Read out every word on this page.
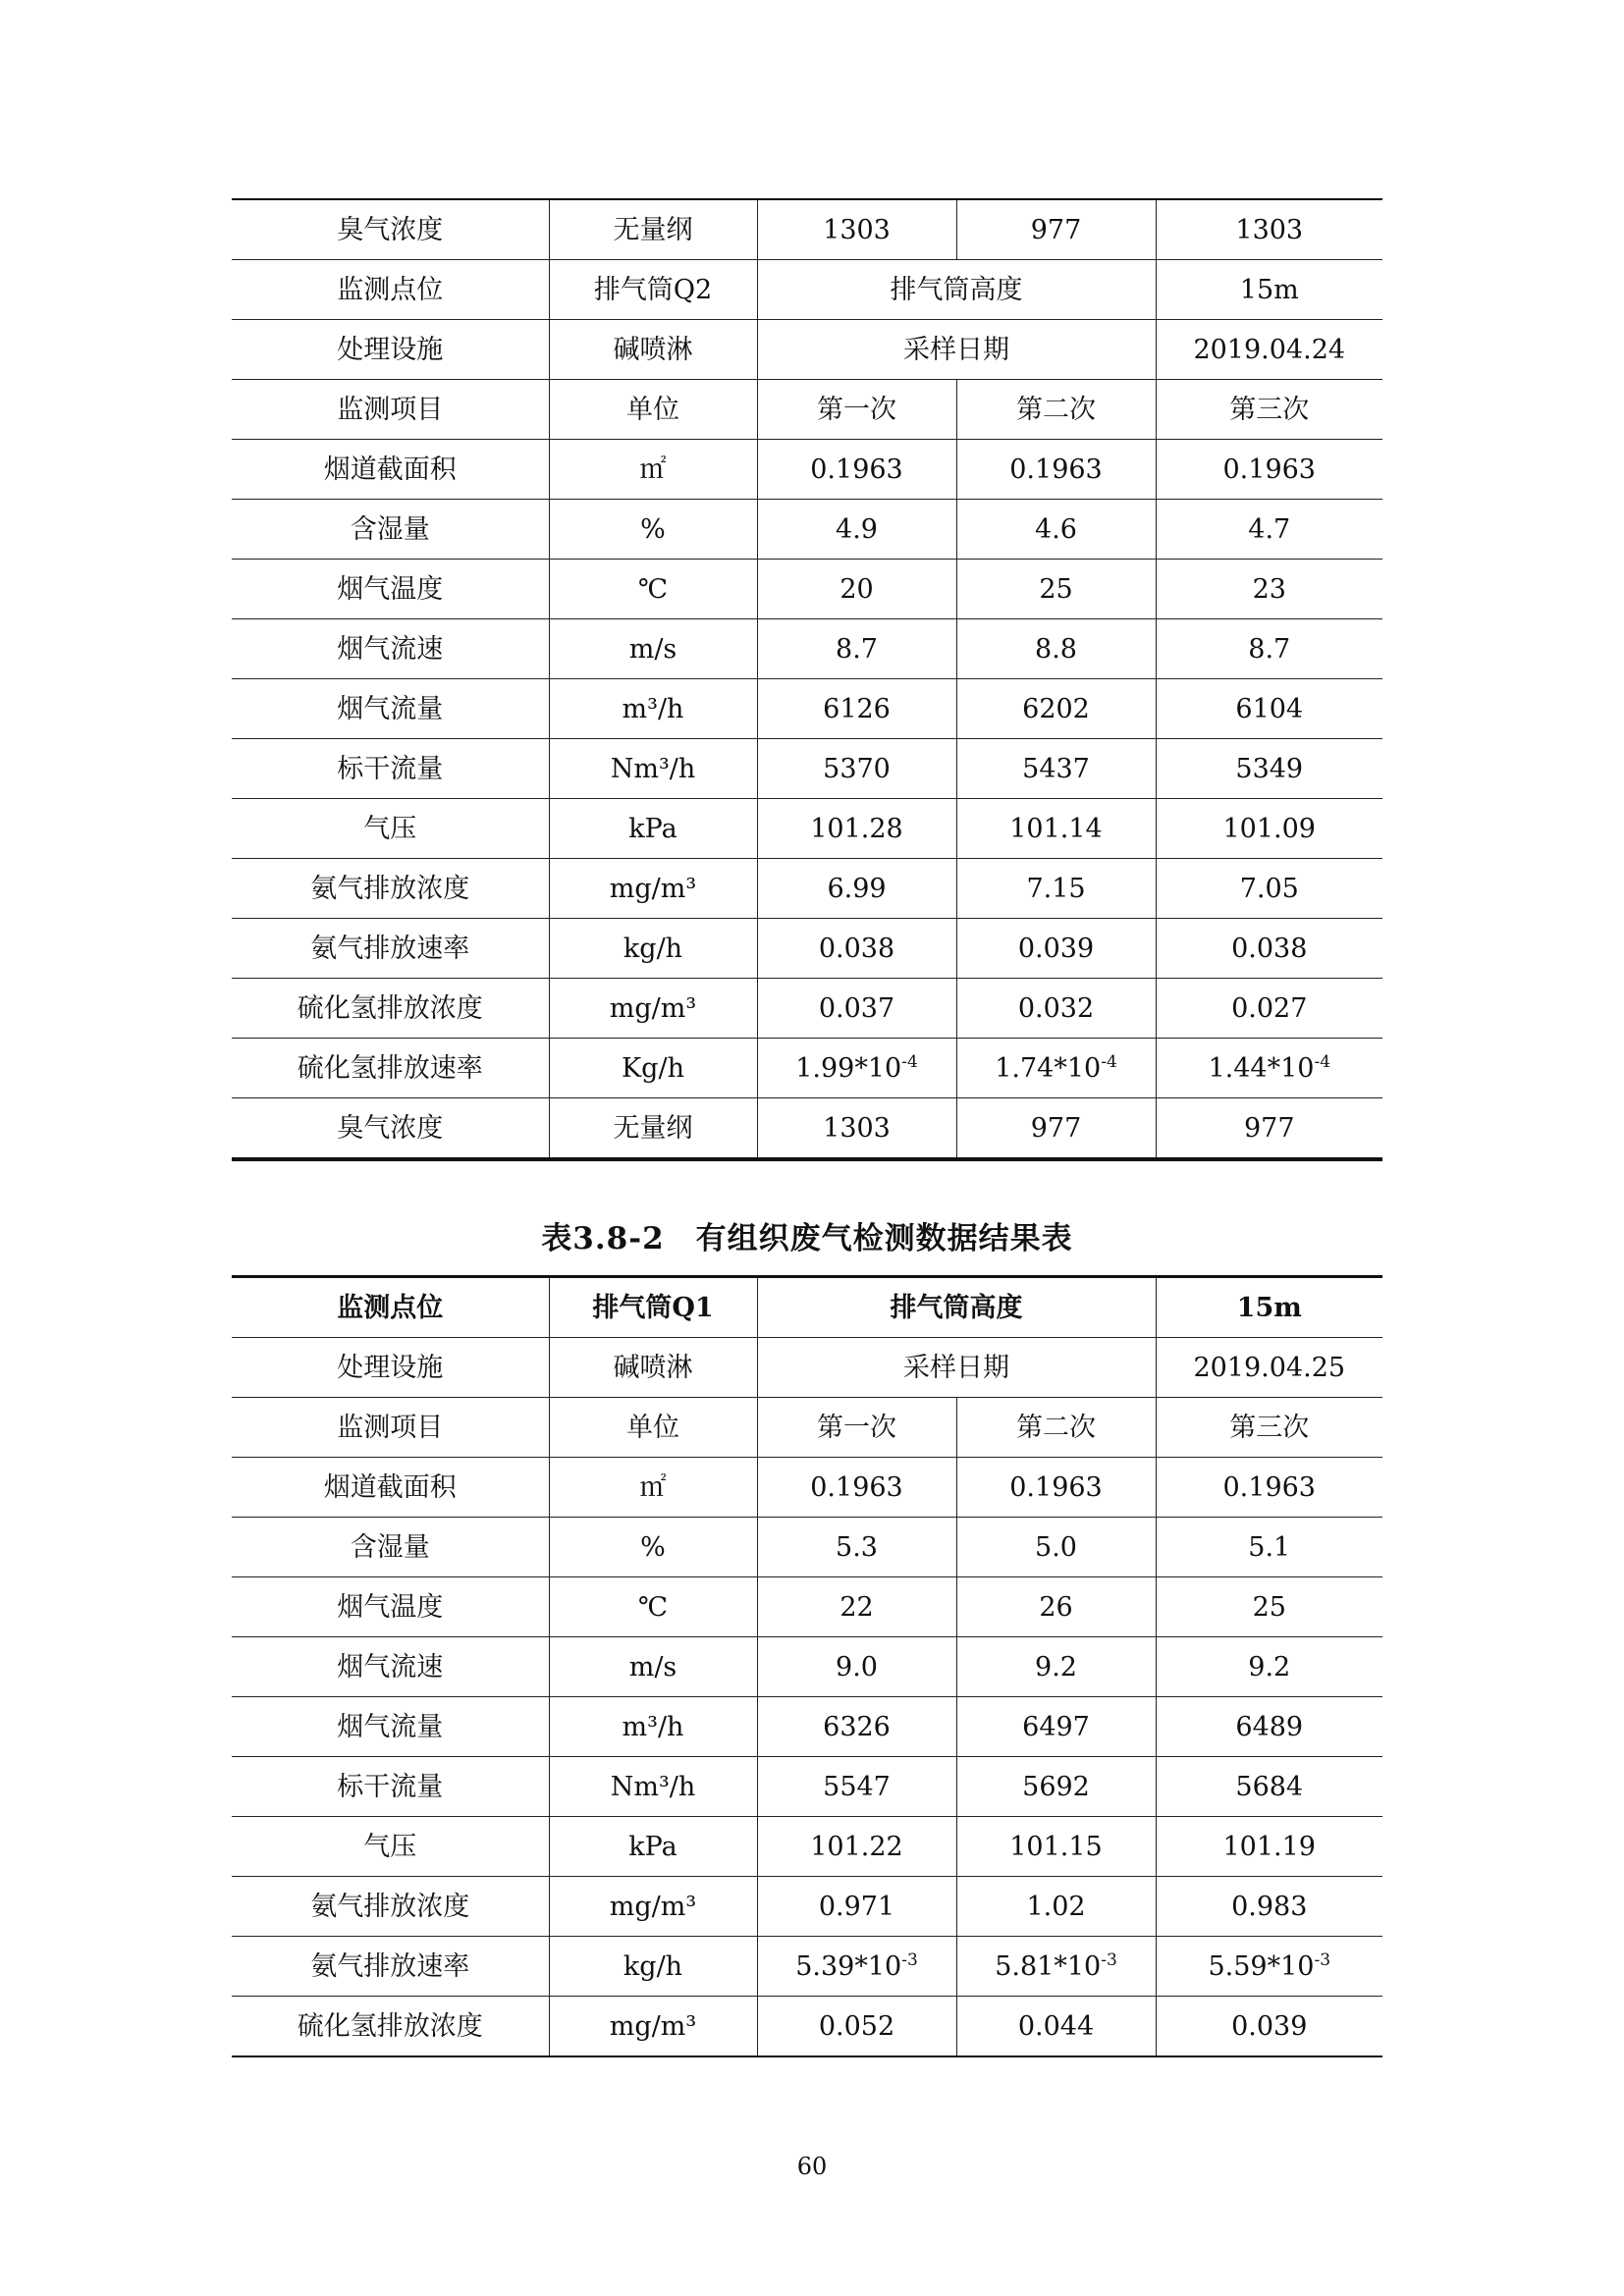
臭气浓度	无量纲	1303	977	1303
监测点位	排气筒Q2	排气筒高度		15m
处理设施	碱喷淋	采样日期		2019.04.24
监测项目	单位	第一次	第二次	第三次
烟道截面积	㎡	0.1963	0.1963	0.1963
含湿量	%	4.9	4.6	4.7
烟气温度	℃	20	25	23
烟气流速	m/s	8.7	8.8	8.7
烟气流量	m³/h	6126	6202	6104
标干流量	Nm³/h	5370	5437	5349
气压	kPa	101.28	101.14	101.09
氨气排放浓度	mg/m³	6.99	7.15	7.05
氨气排放速率	kg/h	0.038	0.039	0.038
硫化氢排放浓度	mg/m³	0.037	0.032	0.027
硫化氢排放速率	Kg/h	$1.99*10^{-4}$	$1.74*10^{-4}$	$1.44*10^{-4}$
臭气浓度	无量纲	1303	977	977
表3.8-2　有组织废气检测数据结果表
监测点位	排气筒Q1	排气筒高度		15m
处理设施	碱喷淋	采样日期		2019.04.25
监测项目	单位	第一次	第二次	第三次
烟道截面积	㎡	0.1963	0.1963	0.1963
含湿量	%	5.3	5.0	5.1
烟气温度	℃	22	26	25
烟气流速	m/s	9.0	9.2	9.2
烟气流量	m³/h	6326	6497	6489
标干流量	Nm³/h	5547	5692	5684
气压	kPa	101.22	101.15	101.19
氨气排放浓度	mg/m³	0.971	1.02	0.983
氨气排放速率	kg/h	$5.39*10^{-3}$	$5.81*10^{-3}$	$5.59*10^{-3}$
硫化氢排放浓度	mg/m³	0.052	0.044	0.039
60
